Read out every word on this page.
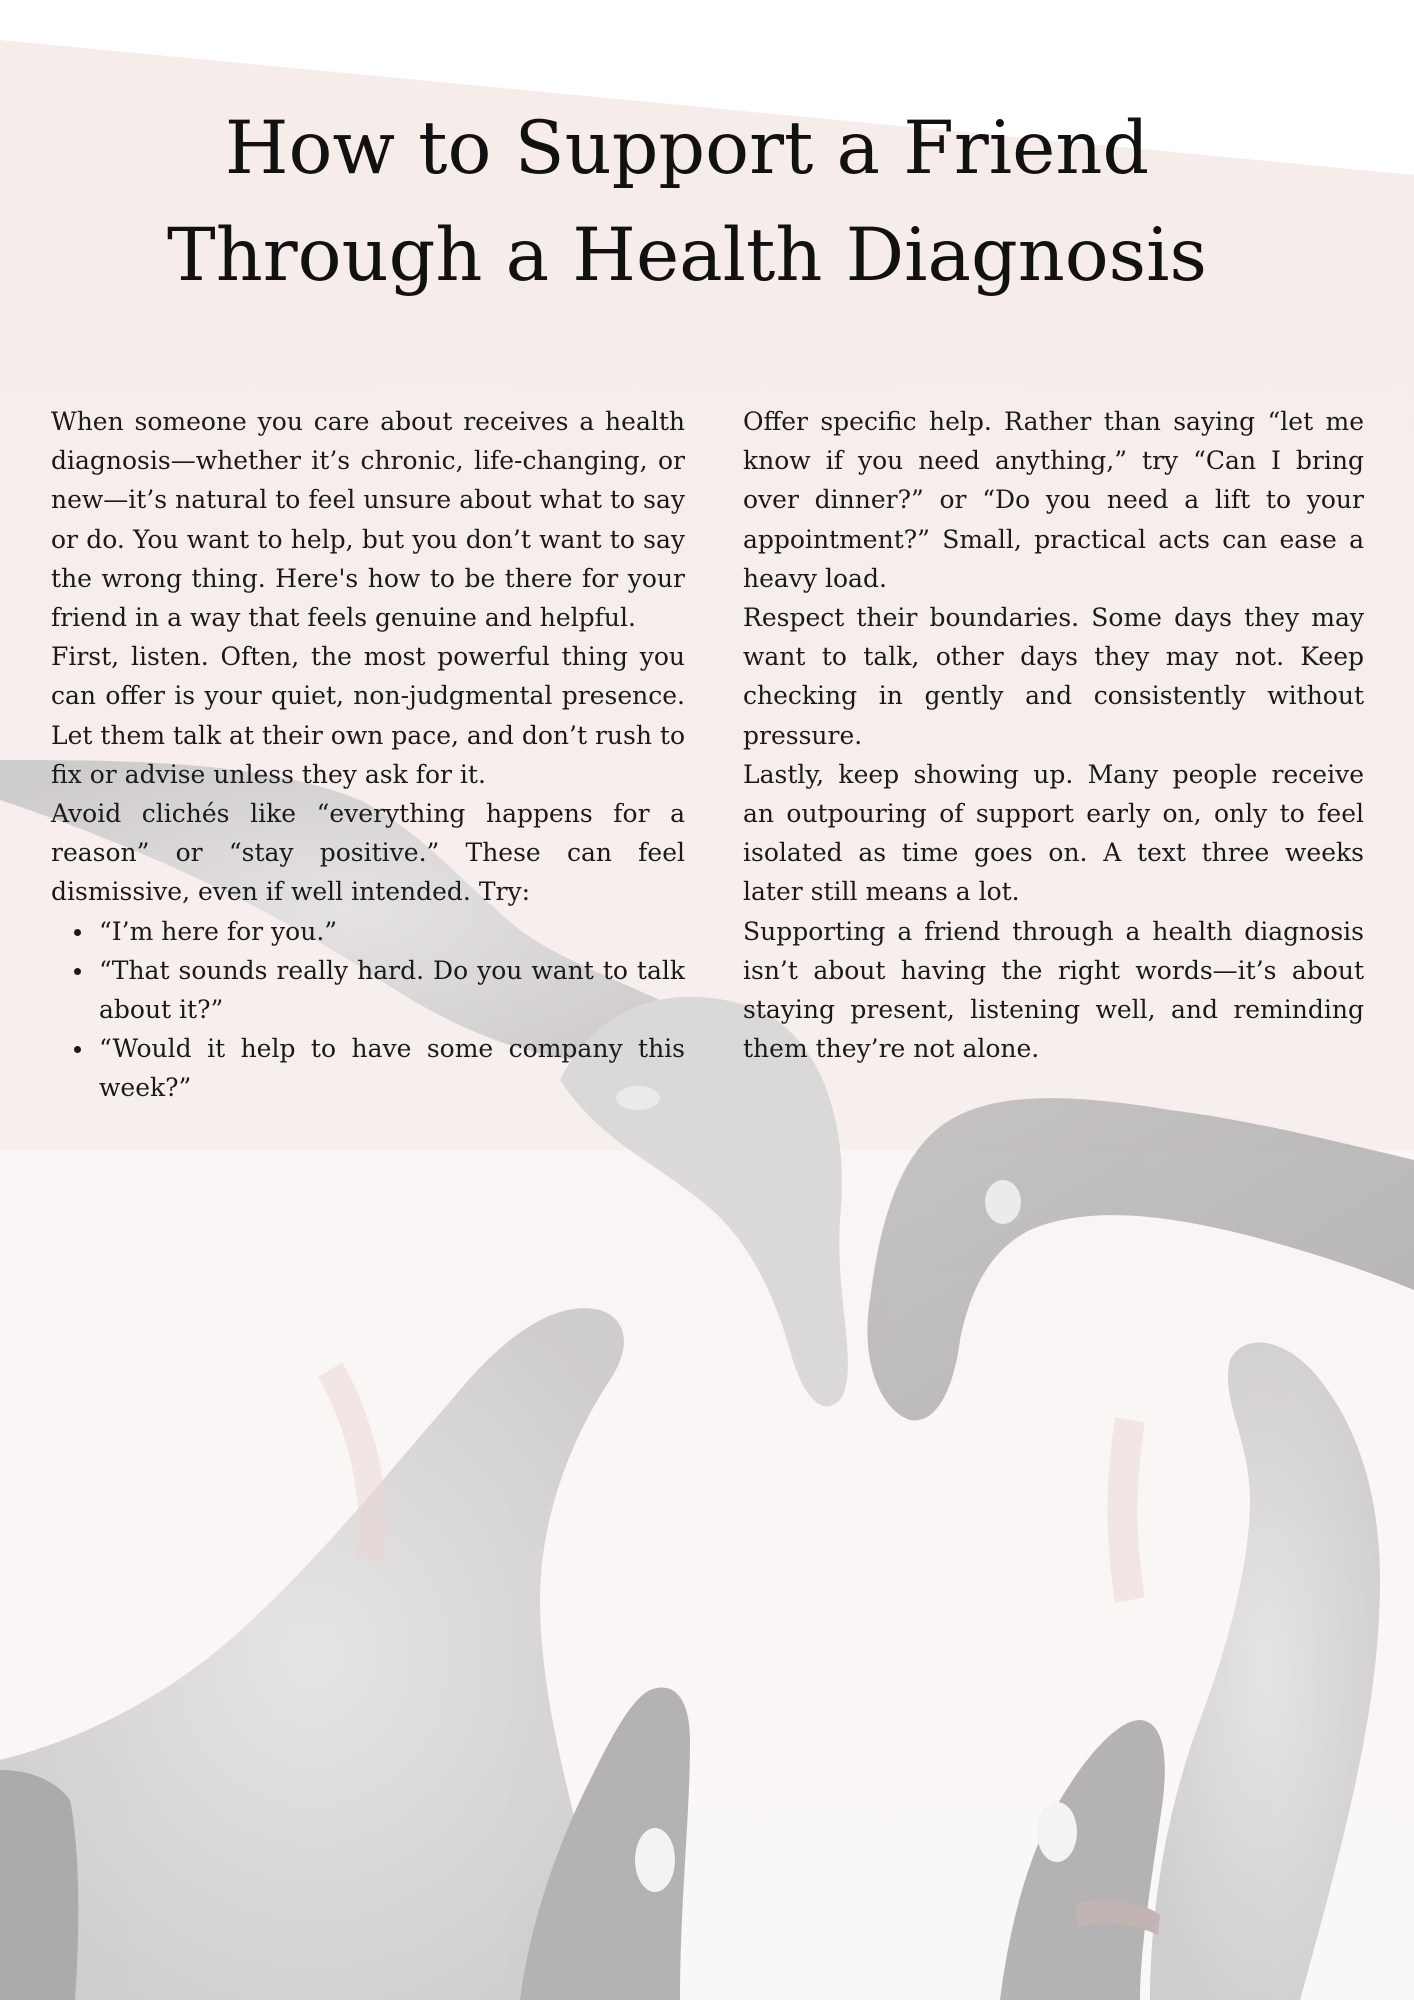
How to Support a Friend
Through a Health Diagnosis

When someone you care about receives a health diagnosis—whether it’s chronic, life-changing, or new—it’s natural to feel unsure about what to say or do. You want to help, but you don’t want to say the wrong thing. Here's how to be there for your friend in a way that feels genuine and helpful.

First, listen. Often, the most powerful thing you can offer is your quiet, non-judgmental presence. Let them talk at their own pace, and don’t rush to fix or advise unless they ask for it.

Avoid clichés like “everything happens for a reason” or “stay positive.” These can feel dismissive, even if well intended. Try:

“I’m here for you.”
“That sounds really hard. Do you want to talk about it?”
“Would it help to have some company this week?”

Offer specific help. Rather than saying “let me know if you need anything,” try “Can I bring over dinner?” or “Do you need a lift to your appointment?” Small, practical acts can ease a heavy load.

Respect their boundaries. Some days they may want to talk, other days they may not. Keep checking in gently and consistently without pressure.

Lastly, keep showing up. Many people receive an outpouring of support early on, only to feel isolated as time goes on. A text three weeks later still means a lot.

Supporting a friend through a health diagnosis isn’t about having the right words—it’s about staying present, listening well, and reminding them they’re not alone.
